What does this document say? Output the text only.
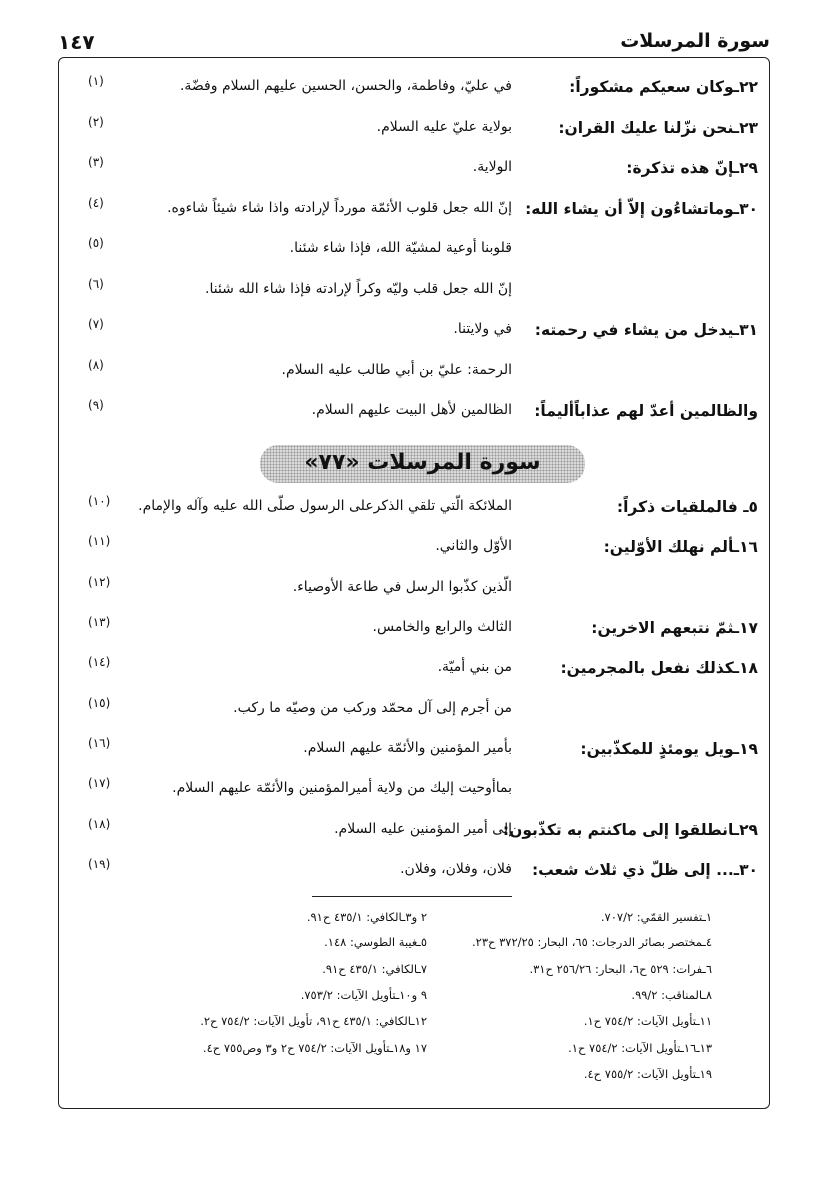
سورة المرسلات
١٤٧
٢٢ـوكان سعيكم مشكوراً:
في عليّ، وفاطمة، والحسن، الحسين عليهم السلام وفضّة.
(١)
٢٣ـنحن نزّلنا عليك القران:
بولاية عليّ عليه السلام.
(٢)
٢٩ـإنّ هذه تذكرة:
الولاية.
(٣)
٣٠ـوماتشاءُون إلاّ أن يشاء الله:
إنّ الله جعل قلوب الأئمّة مورداً لإرادته واذا شاء شيئاً شاءوه.
(٤)
قلوبنا أوعية لمشيّة الله، فإذا شاء شئنا.
(٥)
إنّ الله جعل قلب وليّه وكراً لإرادته فإذا شاء الله شئنا.
(٦)
٣١ـيدخل من يشاء في رحمته:
في ولايتنا.
(٧)
الرحمة: عليّ بن أبي طالب عليه السلام.
(٨)
والظالمين أعدّ لهم عذاباًأليماً:
الظالمين لأهل البيت عليهم السلام.
(٩)
سورة المرسلات «٧٧»
٥ـ فالملقيات ذكراً:
الملائكة الّتي تلقي الذكرعلى الرسول صلّى الله عليه وآله والإمام.
(١٠)
١٦ـألم نهلك الأوّلين:
الأوّل والثاني.
(١١)
الّذين كذّبوا الرسل في طاعة الأوصياء.
(١٢)
١٧ـثمّ نتبعهم الاخرين:
الثالث والرابع والخامس.
(١٣)
١٨ـكذلك نفعل بالمجرمين:
من بني أميّة.
(١٤)
من أجرم إلى آل محمّد وركب من وصيّه ما ركب.
(١٥)
١٩ـويل يومئذٍ للمكذّبين:
بأمير المؤمنين والأئمّة عليهم السلام.
(١٦)
بماأوحيت إليك من ولاية أميرالمؤمنين والأئمّة عليهم السلام.
(١٧)
٢٩ـانطلقوا إلى ماكنتم به تكذّبون:
إلى أمير المؤمنين عليه السلام.
(١٨)
٣٠ـ... إلى ظلّ ذي ثلاث شعب:
فلان، وفلان، وفلان.
(١٩)
١ـتفسير القمّي: ٧٠٧/٢.
٤ـمختصر بصائر الدرجات: ٦٥، البحار: ٣٧٢/٢٥ ح٢٣.
٦ـفرات: ٥٢٩ ح٦، البحار: ٢٥٦/٢٦ ح٣١.
٨ـالمناقب: ٩٩/٢.
١١ـتأويل الآيات: ٧٥٤/٢ ح١.
١٣ـ١٦ـتأويل الآيات: ٧٥٤/٢ ح١.
١٩ـتأويل الآيات: ٧٥٥/٢ ح٤.
٢ و٣ـالكافي: ٤٣٥/١ ح٩١.
٥ـغيبة الطوسي: ١٤٨.
٧ـالكافي: ٤٣٥/١ ح٩١.
٩ و١٠ـتأويل الآيات: ٧٥٣/٢.
١٢ـالكافي: ٤٣٥/١ ح٩١، تأويل الآيات: ٧٥٤/٢ ح٢.
١٧ و١٨ـتأويل الآيات: ٧٥٤/٢ ح٢ و٣ وص٧٥٥ ح٤.
